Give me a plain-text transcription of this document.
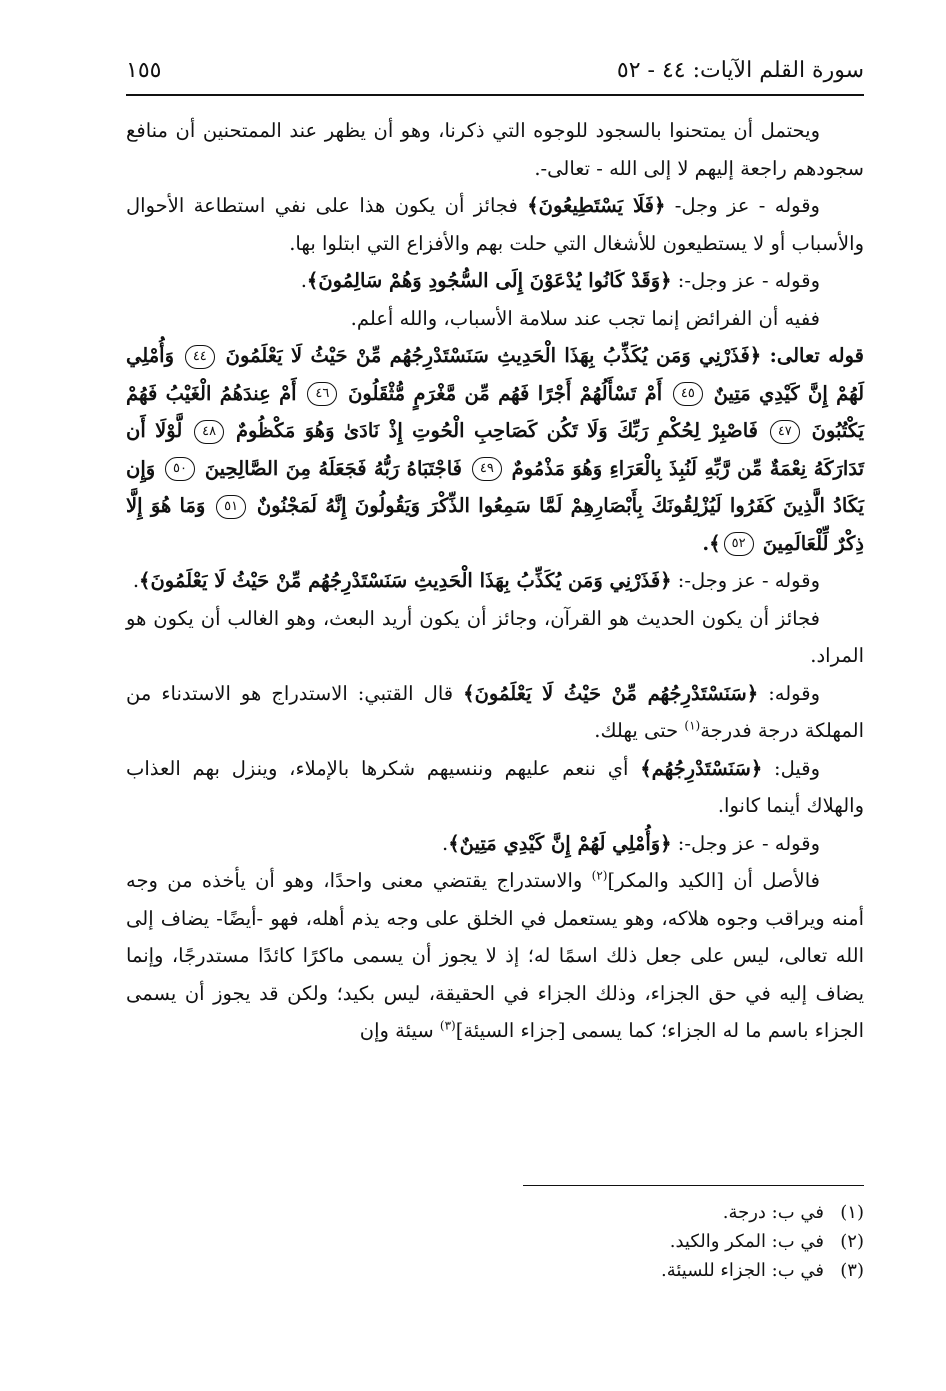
سورة القلم الآيات: ٤٤ - ٥٢
١٥٥

ويحتمل أن يمتحنوا بالسجود للوجوه التي ذكرنا، وهو أن يظهر عند الممتحنين أن منافع سجودهم راجعة إليهم لا إلى الله - تعالى-.

وقوله - عز وجل- ﴿فَلَا يَسْتَطِيعُونَ﴾ فجائز أن يكون هذا على نفي استطاعة الأحوال والأسباب أو لا يستطيعون للأشغال التي حلت بهم والأفزاع التي ابتلوا بها.

وقوله - عز وجل-: ﴿وَقَدْ كَانُوا يُدْعَوْنَ إِلَى السُّجُودِ وَهُمْ سَالِمُونَ﴾.

ففيه أن الفرائض إنما تجب عند سلامة الأسباب، والله أعلم.

قوله تعالى: ﴿فَذَرْنِي وَمَن يُكَذِّبُ بِهَذَا الْحَدِيثِ سَنَسْتَدْرِجُهُم مِّنْ حَيْثُ لَا يَعْلَمُونَ ٤٤ وَأُمْلِي لَهُمْ إِنَّ كَيْدِي مَتِينٌ ٤٥ أَمْ تَسْأَلُهُمْ أَجْرًا فَهُم مِّن مَّغْرَمٍ مُّثْقَلُونَ ٤٦ أَمْ عِندَهُمُ الْغَيْبُ فَهُمْ يَكْتُبُونَ ٤٧ فَاصْبِرْ لِحُكْمِ رَبِّكَ وَلَا تَكُن كَصَاحِبِ الْحُوتِ إِذْ نَادَىٰ وَهُوَ مَكْظُومٌ ٤٨ لَّوْلَا أَن تَدَارَكَهُ نِعْمَةٌ مِّن رَّبِّهِ لَنُبِذَ بِالْعَرَاءِ وَهُوَ مَذْمُومٌ ٤٩ فَاجْتَبَاهُ رَبُّهُ فَجَعَلَهُ مِنَ الصَّالِحِينَ ٥٠ وَإِن يَكَادُ الَّذِينَ كَفَرُوا لَيُزْلِقُونَكَ بِأَبْصَارِهِمْ لَمَّا سَمِعُوا الذِّكْرَ وَيَقُولُونَ إِنَّهُ لَمَجْنُونٌ ٥١ وَمَا هُوَ إِلَّا ذِكْرٌ لِّلْعَالَمِينَ ٥٢﴾.

وقوله - عز وجل-: ﴿فَذَرْنِي وَمَن يُكَذِّبُ بِهَذَا الْحَدِيثِ سَنَسْتَدْرِجُهُم مِّنْ حَيْثُ لَا يَعْلَمُونَ﴾.

فجائز أن يكون الحديث هو القرآن، وجائز أن يكون أريد البعث، وهو الغالب أن يكون هو المراد.

وقوله: ﴿سَنَسْتَدْرِجُهُم مِّنْ حَيْثُ لَا يَعْلَمُونَ﴾ قال القتبي: الاستدراج هو الاستدناء من المهلكة درجة فدرجة$^{(١)}$ حتى يهلك.

وقيل: ﴿سَنَسْتَدْرِجُهُم﴾ أي ننعم عليهم وننسيهم شكرها بالإملاء، وينزل بهم العذاب والهلاك أينما كانوا.

وقوله - عز وجل-: ﴿وَأُمْلِي لَهُمْ إِنَّ كَيْدِي مَتِينٌ﴾.

فالأصل أن [الكيد والمكر]$^{(٢)}$ والاستدراج يقتضي معنى واحدًا، وهو أن يأخذه من وجه أمنه ويراقب وجوه هلاكه، وهو يستعمل في الخلق على وجه يذم أهله، فهو -أيضًا- يضاف إلى الله تعالى، ليس على جعل ذلك اسمًا له؛ إذ لا يجوز أن يسمى ماكرًا كائدًا مستدرجًا، وإنما يضاف إليه في حق الجزاء، وذلك الجزاء في الحقيقة، ليس بكيد؛ ولكن قد يجوز أن يسمى الجزاء باسم ما له الجزاء؛ كما يسمى [جزاء السيئة]$^{(٣)}$ سيئة وإن

(١)في ب: درجة.
(٢)في ب: المكر والكيد.
(٣)في ب: الجزاء للسيئة.
